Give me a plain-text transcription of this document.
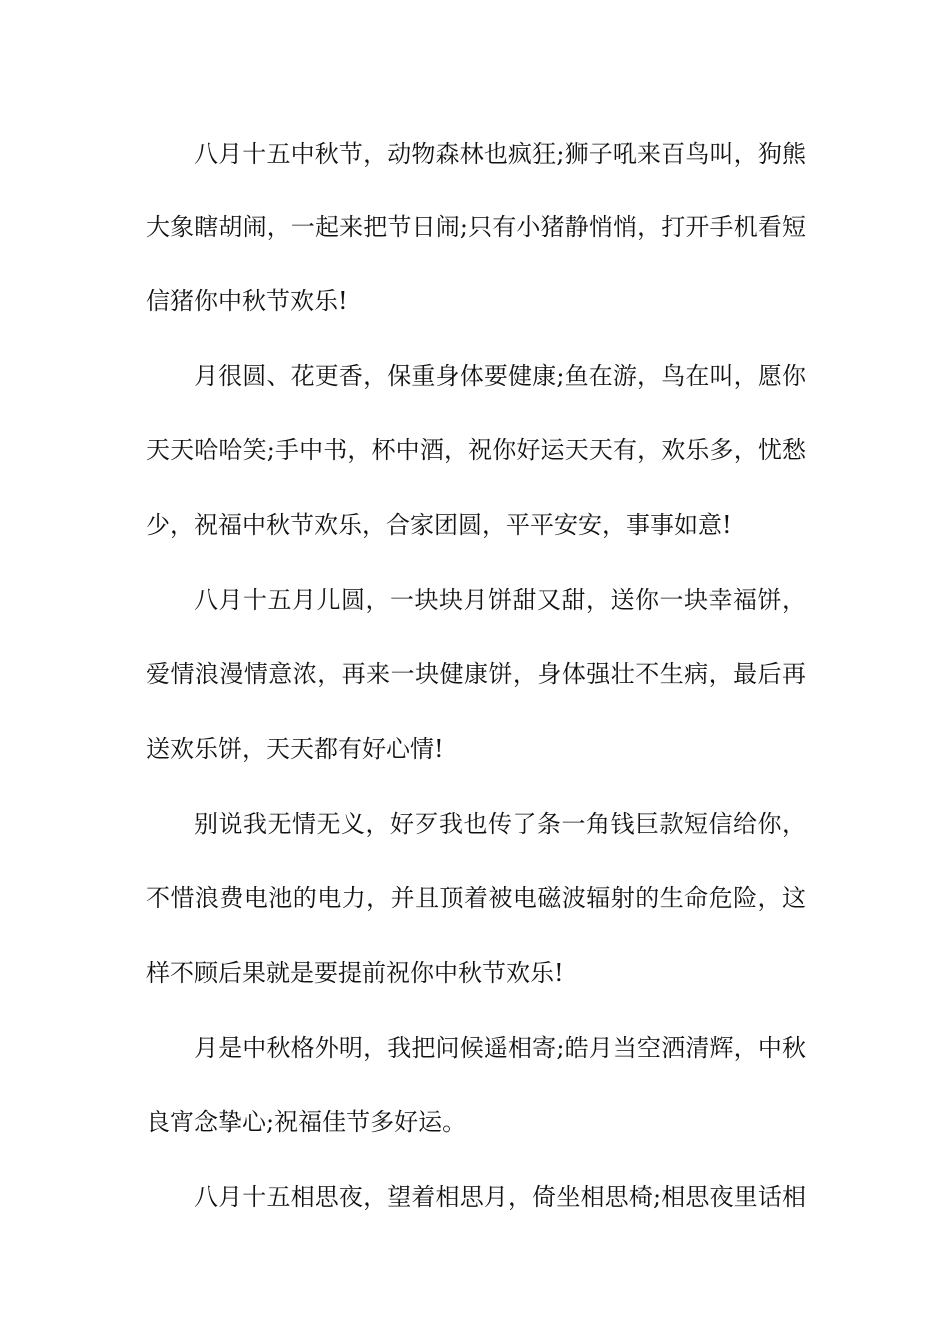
八月十五中秋节，动物森林也疯狂;狮子吼来百鸟叫，狗熊
大象瞎胡闹，一起来把节日闹;只有小猪静悄悄，打开手机看短
信猪你中秋节欢乐!
月很圆、花更香，保重身体要健康;鱼在游，鸟在叫，愿你
天天哈哈笑;手中书，杯中酒，祝你好运天天有，欢乐多，忧愁
少，祝福中秋节欢乐，合家团圆，平平安安，事事如意!
八月十五月儿圆，一块块月饼甜又甜，送你一块幸福饼，
爱情浪漫情意浓，再来一块健康饼，身体强壮不生病，最后再
送欢乐饼，天天都有好心情!
别说我无情无义，好歹我也传了条一角钱巨款短信给你，
不惜浪费电池的电力，并且顶着被电磁波辐射的生命危险，这
样不顾后果就是要提前祝你中秋节欢乐!
月是中秋格外明，我把问候遥相寄;皓月当空洒清辉，中秋
良宵念挚心;祝福佳节多好运。
八月十五相思夜，望着相思月，倚坐相思椅;相思夜里话相
